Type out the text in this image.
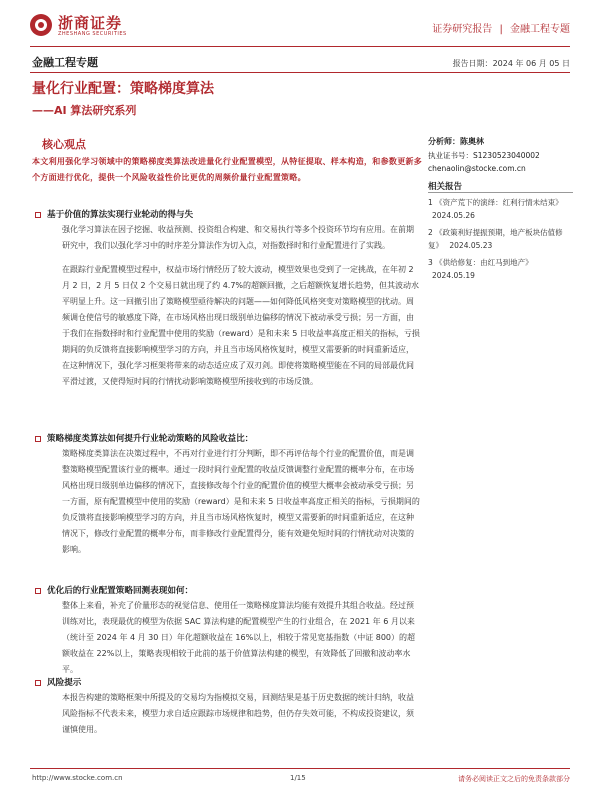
浙商证券
ZHESHANG SECURITIES	证券研究报告 | 金融工程专题
金融工程专题	报告日期：2024 年 06 月 05 日
量化行业配置：策略梯度算法
——AI 算法研究系列
核心观点
本文利用强化学习领域中的策略梯度类算法改进量化行业配置模型，从特征提取、样本构造，和参数更新多个方面进行优化，提供一个风险收益性价比更优的周频价量行业配置策略。
基于价值的算法实现行业轮动的得与失
强化学习算法在因子挖掘、收益预测、投资组合构建、和交易执行等多个投资环节均有应用。在前期研究中，我们以强化学习中的时序差分算法作为切入点，对指数择时和行业配置进行了实践。
在跟踪行业配置模型过程中，权益市场行情经历了较大波动，模型效果也受到了一定挑战，在年初 2 月 2 日，2 月 5 日仅 2 个交易日就出现了约 4.7%的超额回撤，之后超额恢复增长趋势，但其波动水平明显上升。这一回撤引出了策略模型亟待解决的问题——如何降低风格突变对策略模型的扰动。周频调仓使信号的敏感度下降，在市场风格出现日级别单边偏移的情况下被动承受亏损；另一方面，由于我们在指数择时和行业配置中使用的奖励（reward）是和未来 5 日收益率高度正相关的指标，亏损期间的负反馈将直接影响模型学习的方向，并且当市场风格恢复时，模型又需要新的时间重新适应，在这种情况下，强化学习框架将带来的动态适应成了双刃剑。即使将策略模型能在不同的局部最优间平滑过渡，又使得短时间的行情扰动影响策略模型所接收到的市场反馈。
策略梯度类算法如何提升行业轮动策略的风险收益比：
策略梯度类算法在决策过程中，不再对行业进行打分判断，即不再评估每个行业的配置价值，而是调整策略模型配置该行业的概率。通过一段时间行业配置的收益反馈调整行业配置的概率分布，在市场风格出现日级别单边偏移的情况下，直接修改每个行业的配置价值的模型大概率会被动承受亏损；另一方面，原有配置模型中使用的奖励（reward）是和未来 5 日收益率高度正相关的指标，亏损期间的负反馈将直接影响模型学习的方向，并且当市场风格恢复时，模型又需要新的时间重新适应，在这种情况下，修改行业配置的概率分布，而非修改行业配置得分，能有效避免短时间的行情扰动对决策的影响。
优化后的行业配置策略回测表现如何：
整体上来看，补充了价量形态的视觉信息、使用任一策略梯度算法均能有效提升其组合收益。经过预训练对比，表现最优的模型为依据 SAC 算法构建的配置模型产生的行业组合，在 2021 年 6 月以来（统计至 2024 年 4 月 30 日）年化超额收益在 16%以上，相较于常见宽基指数（中证 800）的超额收益在 22%以上，策略表现相较于此前的基于价值算法构建的模型，有效降低了回撤和波动率水平。
风险提示
本报告构建的策略框架中所提及的交易均为指模拟交易，回测结果是基于历史数据的统计归纳，收益风险指标不代表未来，模型力求自适应跟踪市场规律和趋势，但仍存失效可能，不构成投资建议，须谨慎使用。
分析师：陈奥林
执业证书号：S1230523040002
chenaolin@stocke.com.cn
相关报告
1 《资产荒下的演绎：红利行情未结束》 2024.05.26
2 《政策利好提振预期，地产板块估值修复》 2024.05.23
3 《供给修复：由红马到地产》 2024.05.19
http://www.stocke.com.cn	1/15	请务必阅读正文之后的免责条款部分
